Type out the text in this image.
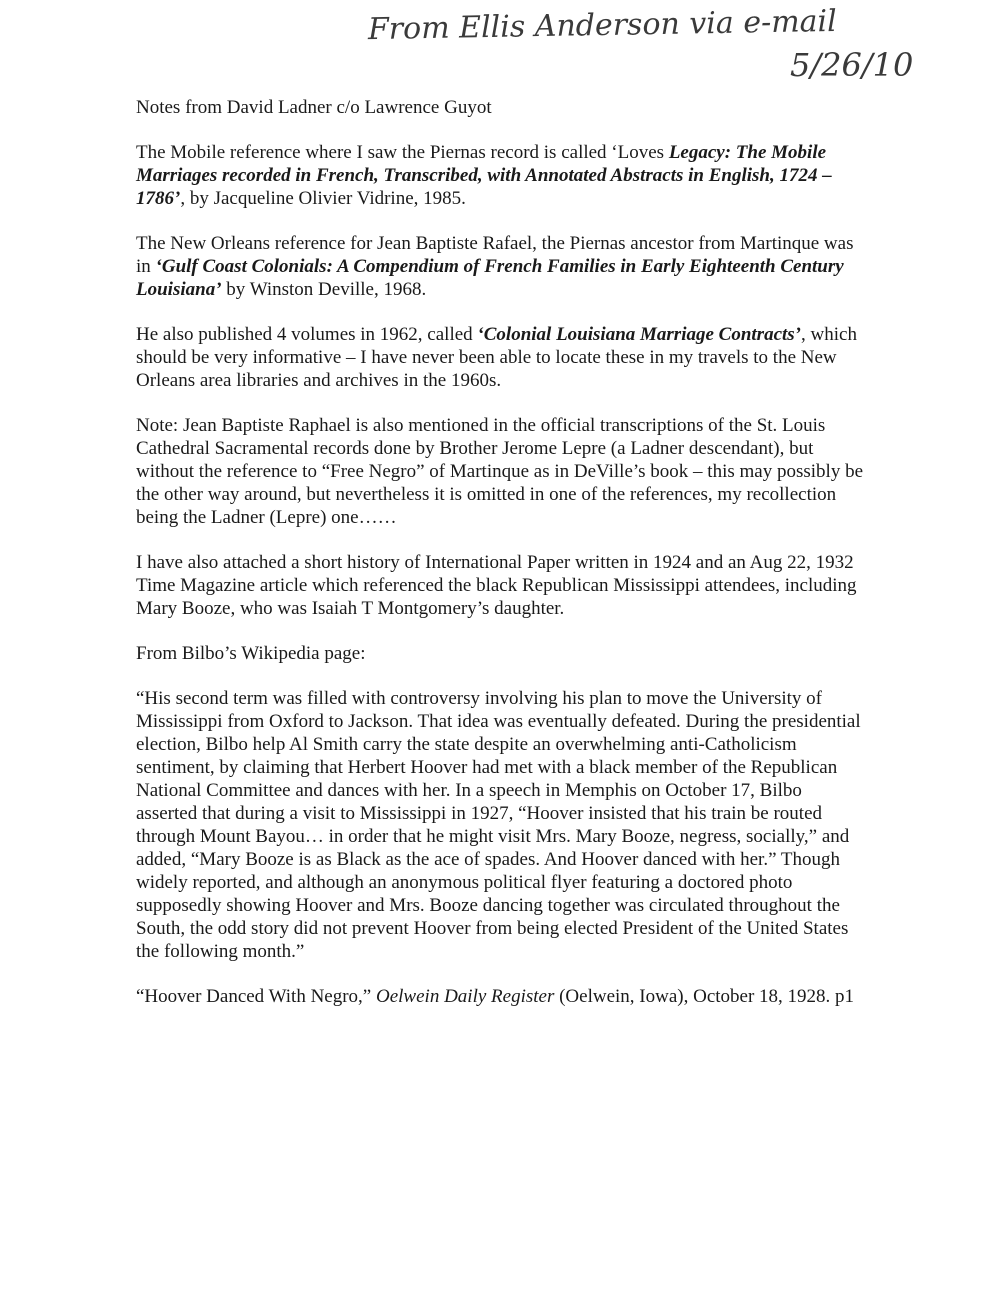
From Ellis Anderson via e-mail
5/26/10

Notes from David Ladner c/o Lawrence Guyot

The Mobile reference where I saw the Piernas record is called ‘Loves Legacy: The Mobile Marriages recorded in French, Transcribed, with Annotated Abstracts in English, 1724 – 1786’, by Jacqueline Olivier Vidrine, 1985.

The New Orleans reference for Jean Baptiste Rafael, the Piernas ancestor from Martinque was in ‘Gulf Coast Colonials: A Compendium of French Families in Early Eighteenth Century Louisiana’ by Winston Deville, 1968.

He also published 4 volumes in 1962, called ‘Colonial Louisiana Marriage Contracts’, which should be very informative – I have never been able to locate these in my travels to the New Orleans area libraries and archives in the 1960s.

Note: Jean Baptiste Raphael is also mentioned in the official transcriptions of the St. Louis Cathedral Sacramental records done by Brother Jerome Lepre (a Ladner descendant), but without the reference to “Free Negro” of Martinque as in DeVille’s book – this may possibly be the other way around, but nevertheless it is omitted in one of the references, my recollection being the Ladner (Lepre) one……

I have also attached a short history of International Paper written in 1924 and an Aug 22, 1932 Time Magazine article which referenced the black Republican Mississippi attendees, including Mary Booze, who was Isaiah T Montgomery’s daughter.

From Bilbo’s Wikipedia page:

“His second term was filled with controversy involving his plan to move the University of Mississippi from Oxford to Jackson. That idea was eventually defeated. During the presidential election, Bilbo help Al Smith carry the state despite an overwhelming anti-Catholicism sentiment, by claiming that Herbert Hoover had met with a black member of the Republican National Committee and dances with her. In a speech in Memphis on October 17, Bilbo asserted that during a visit to Mississippi in 1927, “Hoover insisted that his train be routed through Mount Bayou… in order that he might visit Mrs. Mary Booze, negress, socially,” and added, “Mary Booze is as Black as the ace of spades. And Hoover danced with her.” Though widely reported, and although an anonymous political flyer featuring a doctored photo supposedly showing Hoover and Mrs. Booze dancing together was circulated throughout the South, the odd story did not prevent Hoover from being elected President of the United States the following month.”

“Hoover Danced With Negro,” Oelwein Daily Register (Oelwein, Iowa), October 18, 1928. p1
